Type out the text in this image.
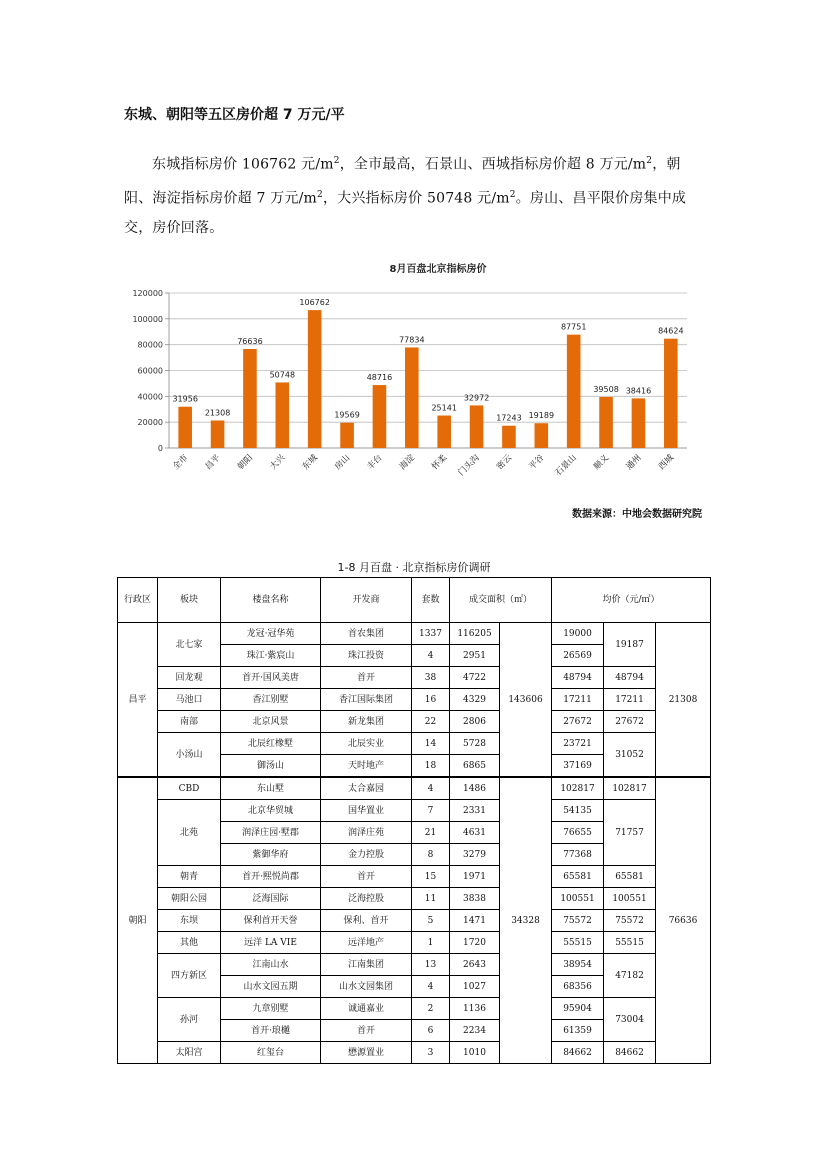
东城、朝阳等五区房价超 7 万元/平
东城指标房价 106762 元$/m^2$，全市最高，石景山、西城指标房价超 8 万元$/m^2$，朝阳、海淀指标房价超 7 万元$/m^2$，大兴指标房价 50748 元$/m^2$。房山、昌平限价房集中成交，房价回落。
8月百盘北京指标房价
0
20000
40000
60000
80000
100000
120000
31956
全市
21308
昌平
76636
朝阳
50748
大兴
106762
东城
19569
房山
48716
丰台
77834
海淀
25141
怀柔
32972
门头沟
17243
密云
19189
平谷
87751
石景山
39508
顺义
38416
通州
84624
西城
数据来源：中地会数据研究院
1-8 月百盘 · 北京指标房价调研
行政区	板块	楼盘名称	开发商	套数	成交面积（㎡）		均价（元/㎡）		
昌平	北七家	龙冠·冠华苑	首农集团	1337	116205	143606	19000	19187	21308
		珠江·紫宸山	珠江投资	4	2951		26569		
	回龙观	首开·国风美唐	首开	38	4722		48794	48794	
	马池口	香江别墅	香江国际集团	16	4329		17211	17211	
	南部	北京风景	新龙集团	22	2806		27672	27672	
	小汤山	北辰红橡墅	北辰实业	14	5728		23721	31052	
		御汤山	天时地产	18	6865		37169		
朝阳	CBD	东山墅	太合嘉园	4	1486	34328	102817	102817	76636
	北苑	北京华贸城	国华置业	7	2331		54135	71757	
		润泽庄园·墅郡	润泽庄苑	21	4631		76655		
		紫御华府	金力控股	8	3279		77368		
	朝青	首开·熙悦尚郡	首开	15	1971		65581	65581	
	朝阳公园	泛海国际	泛海控股	11	3838		100551	100551	
	东坝	保利首开天誉	保利、首开	5	1471		75572	75572	
	其他	远洋 LA VIE	远洋地产	1	1720		55515	55515	
	四方新区	江南山水	江南集团	13	2643		38954	47182	
		山水文园五期	山水文园集团	4	1027		68356		
	孙河	九章别墅	诚通嘉业	2	1136		95904	73004	
		首开·琅樾	首开	6	2234		61359		
	太阳宫	红玺台	懋源置业	3	1010		84662	84662	
